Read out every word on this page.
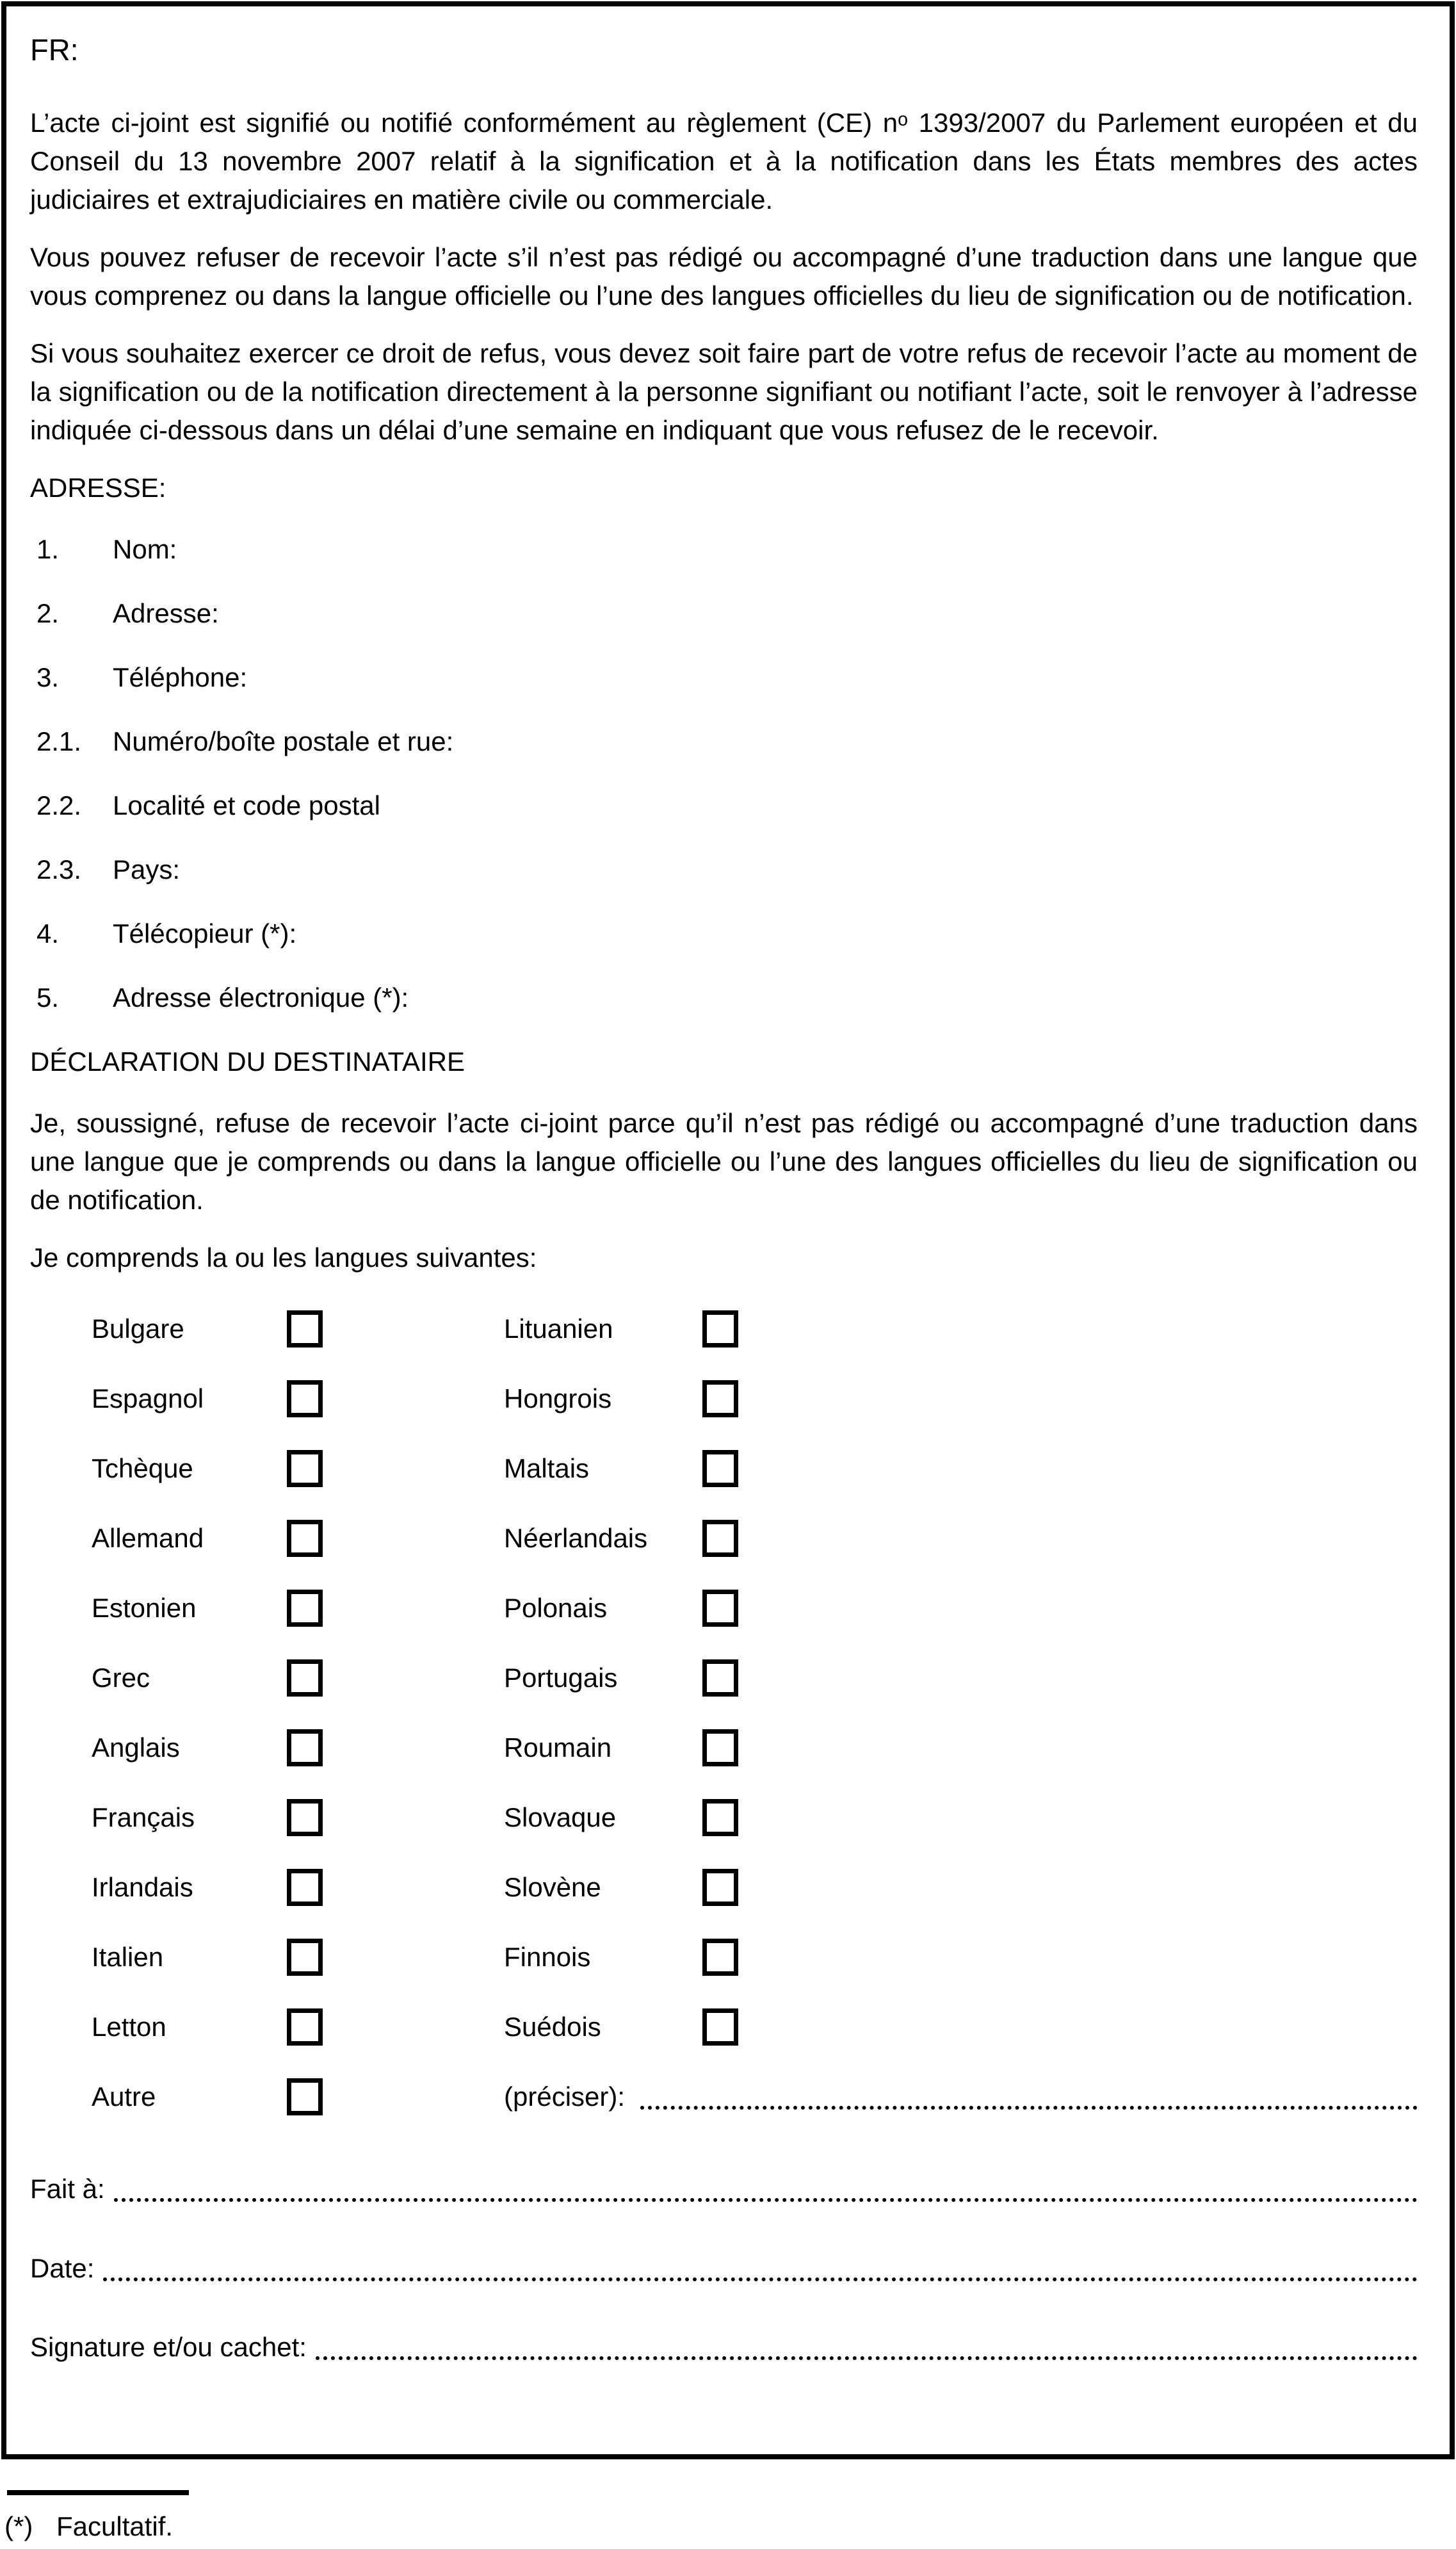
FR:

L’acte ci-joint est signifié ou notifié conformément au règlement (CE) nᵒ 1393/2007 du Parlement européen et du Conseil du 13 novembre 2007 relatif à la signification et à la notification dans les États membres des actes judiciaires et extrajudiciaires en matière civile ou commerciale.

Vous pouvez refuser de recevoir l’acte s’il n’est pas rédigé ou accompagné d’une traduction dans une langue que vous comprenez ou dans la langue officielle ou l’une des langues officielles du lieu de signification ou de notification.

Si vous souhaitez exercer ce droit de refus, vous devez soit faire part de votre refus de recevoir l’acte au moment de la signification ou de la notification directement à la personne signifiant ou notifiant l’acte, soit le renvoyer à l’adresse indiquée ci-dessous dans un délai d’une semaine en indiquant que vous refusez de le recevoir.

ADRESSE:
1.	Nom:
2.	Adresse:
3.	Téléphone:
2.1.	Numéro/boîte postale et rue:
2.2.	Localité et code postal
2.3.	Pays:
4.	Télécopieur (*):
5.	Adresse électronique (*):
DÉCLARATION DU DESTINATAIRE

Je, soussigné, refuse de recevoir l’acte ci-joint parce qu’il n’est pas rédigé ou accompagné d’une traduction dans une langue que je comprends ou dans la langue officielle ou l’une des langues officielles du lieu de signification ou de notification.

Je comprends la ou les langues suivantes:

Bulgare	Lituanien
Espagnol	Hongrois
Tchèque	Maltais
Allemand	Néerlandais
Estonien	Polonais
Grec	Portugais
Anglais	Roumain
Français	Slovaque
Irlandais	Slovène
Italien	Finnois
Letton	Suédois
Autre	(préciser):
Fait à:
Date:
Signature et/ou cachet:
(*) Facultatif.
